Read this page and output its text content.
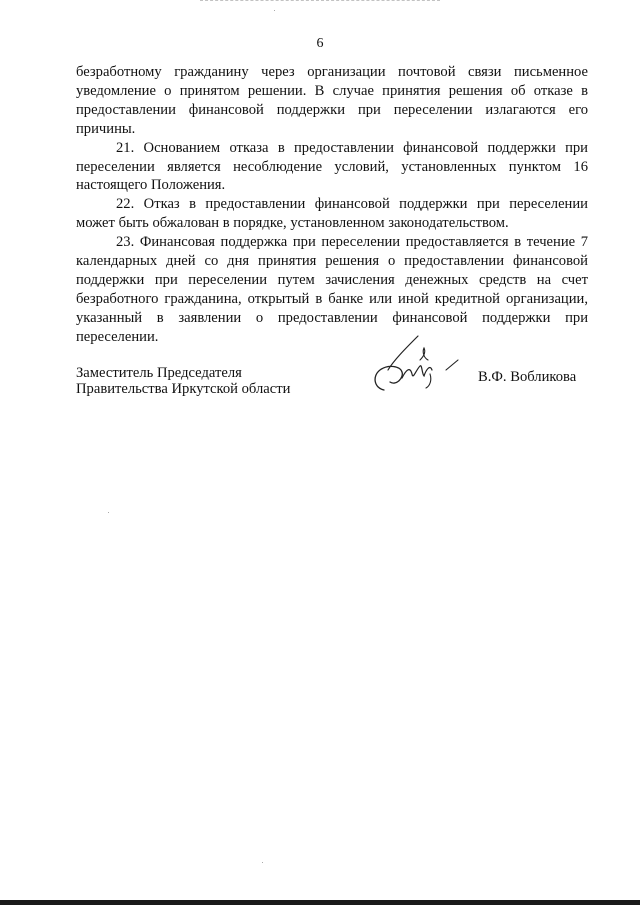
6

безработному гражданину через организации почтовой связи письменное уведомление о принятом решении. В случае принятия решения об отказе в предоставлении финансовой поддержки при переселении излагаются его причины.

21. Основанием отказа в предоставлении финансовой поддержки при переселении является несоблюдение условий, установленных пунктом 16 настоящего Положения.

22. Отказ в предоставлении финансовой поддержки при переселении может быть обжалован в порядке, установленном законодательством.

23. Финансовая поддержка при переселении предоставляется в течение 7 календарных дней со дня принятия решения о предоставлении финансовой поддержки при переселении путем зачисления денежных средств на счет безработного гражданина, открытый в банке или иной кредитной организации, указанный в заявлении о предоставлении финансовой поддержки при переселении.

Заместитель Председателя
Правительства Иркутской области
В.Ф. Вобликова
